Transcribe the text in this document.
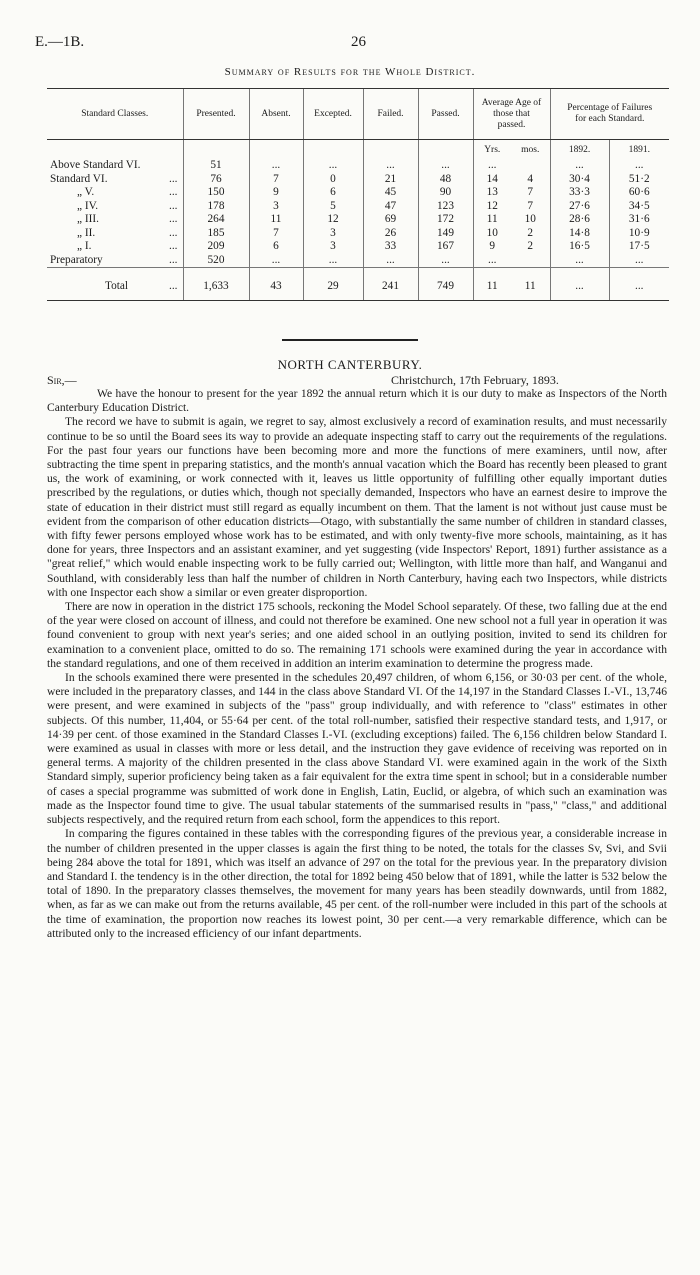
E.—1B.	26
Summary of Results for the Whole District.
Standard Classes.	Presented.	Absent.	Excepted.	Failed.	Passed.	Average Age of those that passed.		Percentage of Failures for each Standard.	
						Yrs.	mos.	1892.	1891.
Above Standard VI.	51	...	...	...	...	...		...	...
Standard VI. ...	76	7	0	21	48	14	4	30·4	51·2
„ V. ...	150	9	6	45	90	13	7	33·3	60·6
„ IV. ...	178	3	5	47	123	12	7	27·6	34·5
„ III. ...	264	11	12	69	172	11	10	28·6	31·6
„ II. ...	185	7	3	26	149	10	2	14·8	10·9
„ I. ...	209	6	3	33	167	9	2	16·5	17·5
Preparatory ...	520	...	...	...	...	...		...	...
Total ...	1,633	43	29	241	749	11	11	...	...
NORTH CANTERBURY.
Sir,—	Christchurch, 17th February, 1893.

We have the honour to present for the year 1892 the annual return which it is our duty to make as Inspectors of the North Canterbury Education District.

The record we have to submit is again, we regret to say, almost exclusively a record of examination results, and must necessarily continue to be so until the Board sees its way to provide an adequate inspecting staff to carry out the requirements of the regulations. For the past four years our functions have been becoming more and more the functions of mere examiners, until now, after subtracting the time spent in preparing statistics, and the month's annual vacation which the Board has recently been pleased to grant us, the work of examining, or work connected with it, leaves us little opportunity of fulfilling other equally important duties prescribed by the regulations, or duties which, though not specially demanded, Inspectors who have an earnest desire to improve the state of education in their district must still regard as equally incumbent on them. That the lament is not without just cause must be evident from the comparison of other education districts—Otago, with substantially the same number of children in standard classes, with fifty fewer persons employed whose work has to be estimated, and with only twenty-five more schools, maintaining, as it has done for years, three Inspectors and an assistant examiner, and yet suggesting (vide Inspectors' Report, 1891) further assistance as a "great relief," which would enable inspecting work to be fully carried out; Wellington, with little more than half, and Wanganui and Southland, with considerably less than half the number of children in North Canterbury, having each two Inspectors, while districts with one Inspector each show a similar or even greater disproportion.

There are now in operation in the district 175 schools, reckoning the Model School separately. Of these, two falling due at the end of the year were closed on account of illness, and could not therefore be examined. One new school not a full year in operation it was found convenient to group with next year's series; and one aided school in an outlying position, invited to send its children for examination to a convenient place, omitted to do so. The remaining 171 schools were examined during the year in accordance with the standard regulations, and one of them received in addition an interim examination to determine the progress made.

In the schools examined there were presented in the schedules 20,497 children, of whom 6,156, or 30·03 per cent. of the whole, were included in the preparatory classes, and 144 in the class above Standard VI. Of the 14,197 in the Standard Classes I.-VI., 13,746 were present, and were examined in subjects of the "pass" group individually, and with reference to "class" estimates in other subjects. Of this number, 11,404, or 55·64 per cent. of the total roll-number, satisfied their respective standard tests, and 1,917, or 14·39 per cent. of those examined in the Standard Classes I.-VI. (excluding exceptions) failed. The 6,156 children below Standard I. were examined as usual in classes with more or less detail, and the instruction they gave evidence of receiving was reported on in general terms. A majority of the children presented in the class above Standard VI. were examined again in the work of the Sixth Standard simply, superior proficiency being taken as a fair equivalent for the extra time spent in school; but in a considerable number of cases a special programme was submitted of work done in English, Latin, Euclid, or algebra, of which such an examination was made as the Inspector found time to give. The usual tabular statements of the summarised results in "pass," "class," and additional subjects respectively, and the required return from each school, form the appendices to this report.

In comparing the figures contained in these tables with the corresponding figures of the previous year, a considerable increase in the number of children presented in the upper classes is again the first thing to be noted, the totals for the classes Sv, Svi, and Svii being 284 above the total for 1891, which was itself an advance of 297 on the total for the previous year. In the preparatory division and Standard I. the tendency is in the other direction, the total for 1892 being 450 below that of 1891, while the latter is 532 below the total of 1890. In the preparatory classes themselves, the movement for many years has been steadily downwards, until from 1882, when, as far as we can make out from the returns available, 45 per cent. of the roll-number were included in this part of the schools at the time of examination, the proportion now reaches its lowest point, 30 per cent.—a very remarkable difference, which can be attributed only to the increased efficiency of our infant departments.
